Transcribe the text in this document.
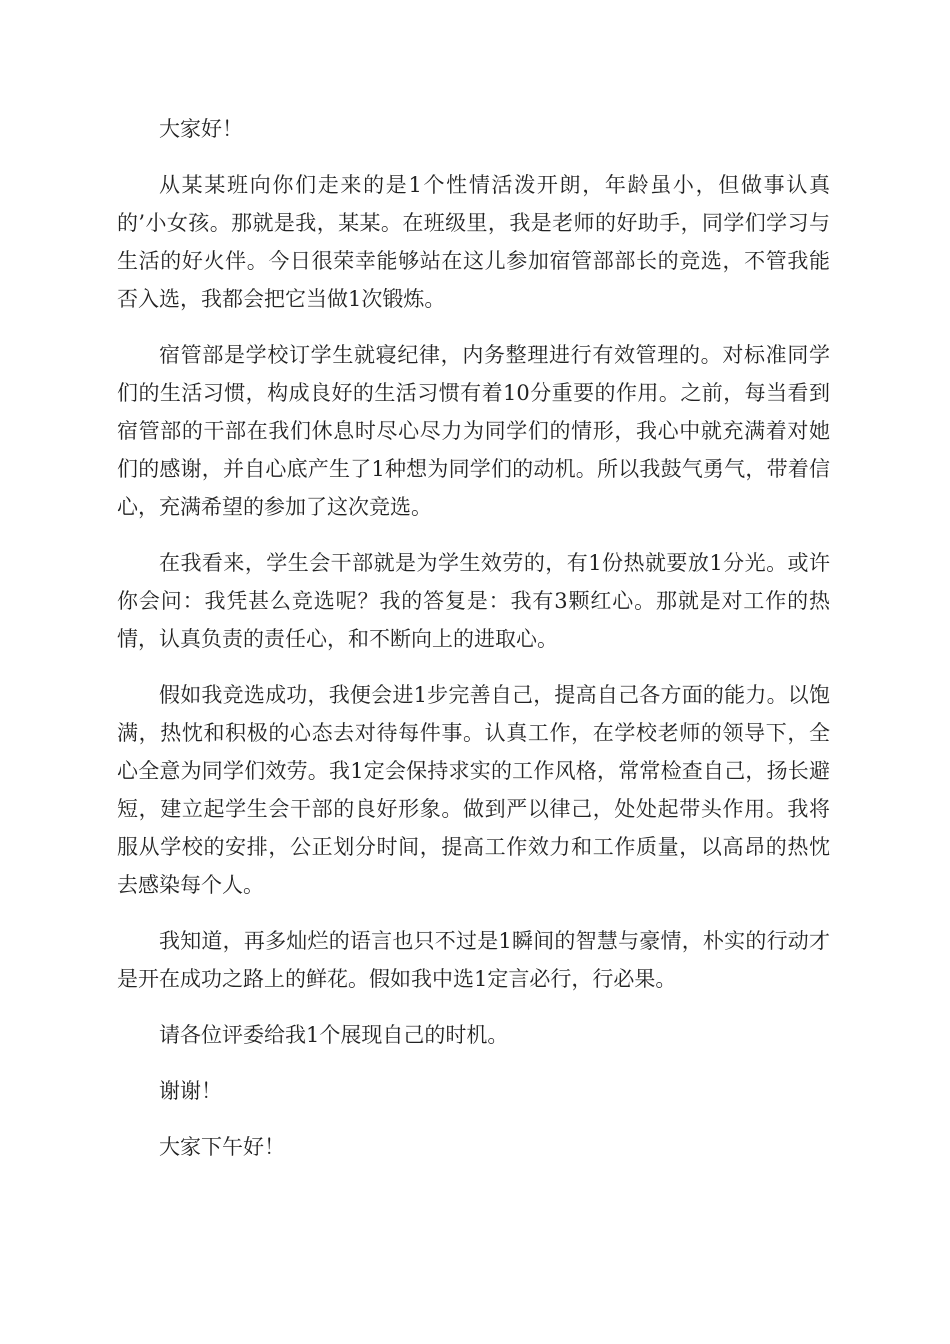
大家好！

从某某班向你们走来的是1个性情活泼开朗，年龄虽小，但做事认真的’小女孩。那就是我，某某。在班级里，我是老师的好助手，同学们学习与生活的好火伴。今日很荣幸能够站在这儿参加宿管部部长的竞选，不管我能否入选，我都会把它当做1次锻炼。

宿管部是学校订学生就寝纪律，内务整理进行有效管理的。对标准同学们的生活习惯，构成良好的生活习惯有着10分重要的作用。之前，每当看到宿管部的干部在我们休息时尽心尽力为同学们的情形，我心中就充满着对她们的感谢，并自心底产生了1种想为同学们的动机。所以我鼓气勇气，带着信心，充满希望的参加了这次竞选。

在我看来，学生会干部就是为学生效劳的，有1份热就要放1分光。或许你会问：我凭甚么竞选呢？我的答复是：我有3颗红心。那就是对工作的热情，认真负责的责任心，和不断向上的进取心。

假如我竞选成功，我便会进1步完善自己，提高自己各方面的能力。以饱满，热忱和积极的心态去对待每件事。认真工作，在学校老师的领导下，全心全意为同学们效劳。我1定会保持求实的工作风格，常常检查自己，扬长避短，建立起学生会干部的良好形象。做到严以律己，处处起带头作用。我将服从学校的安排，公正划分时间，提高工作效力和工作质量，以高昂的热忱去感染每个人。

我知道，再多灿烂的语言也只不过是1瞬间的智慧与豪情，朴实的行动才是开在成功之路上的鲜花。假如我中选1定言必行，行必果。

请各位评委给我1个展现自己的时机。

谢谢！

大家下午好！
